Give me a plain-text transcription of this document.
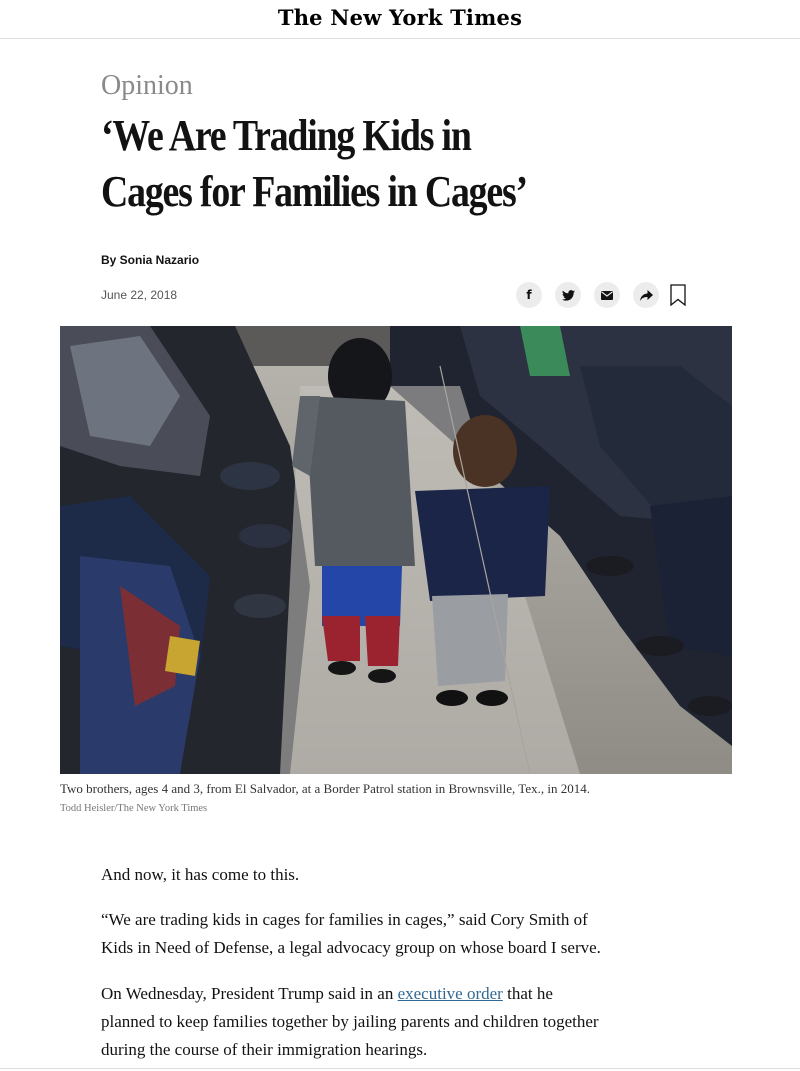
The New York Times
Opinion
‘We Are Trading Kids in
Cages for Families in Cages’
By Sonia Nazario
June 22, 2018	f
Two brothers, ages 4 and 3, from El Salvador, at a Border Patrol station in Brownsville, Tex., in 2014.
Todd Heisler/The New York Times
And now, it has come to this.
“We are trading kids in cages for families in cages,” said Cory Smith of
Kids in Need of Defense, a legal advocacy group on whose board I serve.
On Wednesday, President Trump said in an executive order that he
planned to keep families together by jailing parents and children together
during the course of their immigration hearings.
